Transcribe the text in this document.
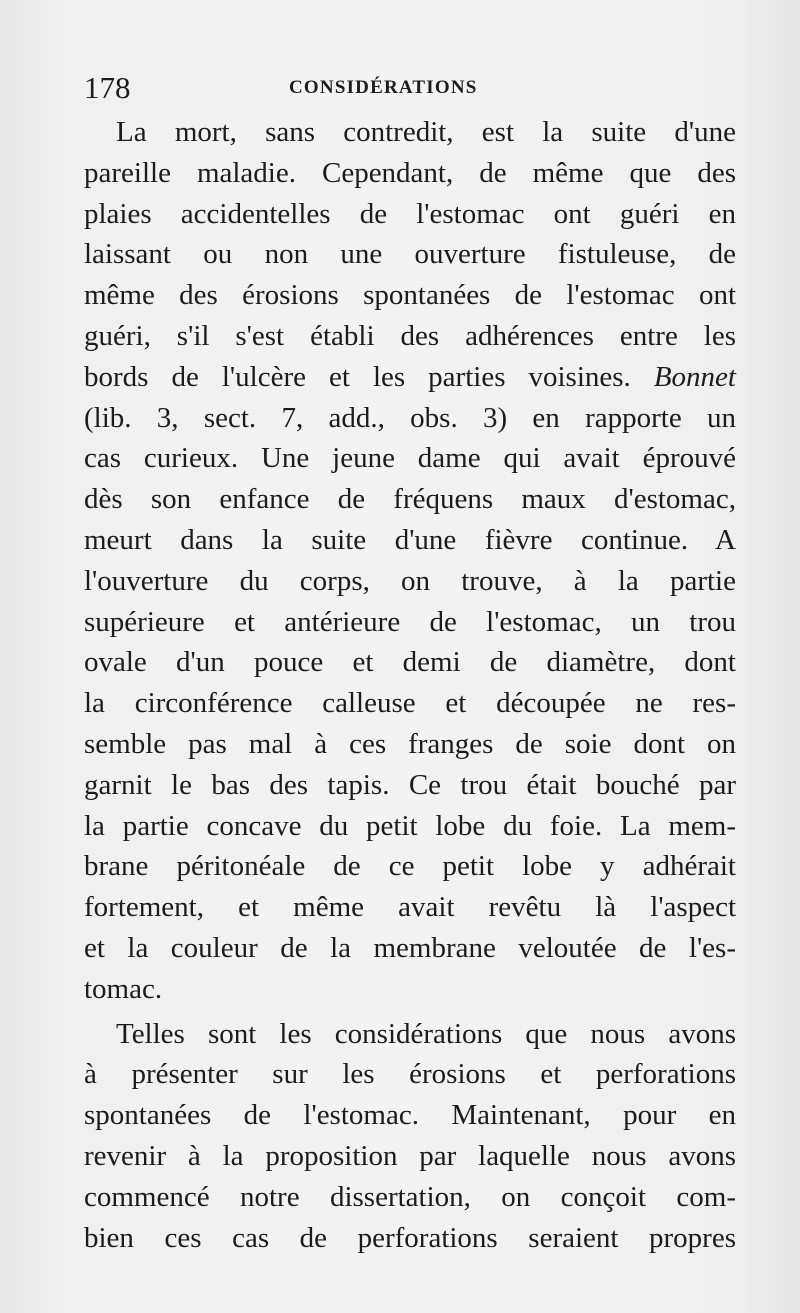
178	CONSIDÉRATIONS
La mort, sans contredit, est la suite d'une
pareille maladie. Cependant, de même que des
plaies accidentelles de l'estomac ont guéri en
laissant ou non une ouverture fistuleuse, de
même des érosions spontanées de l'estomac ont
guéri, s'il s'est établi des adhérences entre les
bords de l'ulcère et les parties voisines. Bonnet
(lib. 3, sect. 7, add., obs. 3) en rapporte un
cas curieux. Une jeune dame qui avait éprouvé
dès son enfance de fréquens maux d'estomac,
meurt dans la suite d'une fièvre continue. A
l'ouverture du corps, on trouve, à la partie
supérieure et antérieure de l'estomac, un trou
ovale d'un pouce et demi de diamètre, dont
la circonférence calleuse et découpée ne res-
semble pas mal à ces franges de soie dont on
garnit le bas des tapis. Ce trou était bouché par
la partie concave du petit lobe du foie. La mem-
brane péritonéale de ce petit lobe y adhérait
fortement, et même avait revêtu là l'aspect
et la couleur de la membrane veloutée de l'es-
tomac.
Telles sont les considérations que nous avons
à présenter sur les érosions et perforations
spontanées de l'estomac. Maintenant, pour en
revenir à la proposition par laquelle nous avons
commencé notre dissertation, on conçoit com-
bien ces cas de perforations seraient propres
